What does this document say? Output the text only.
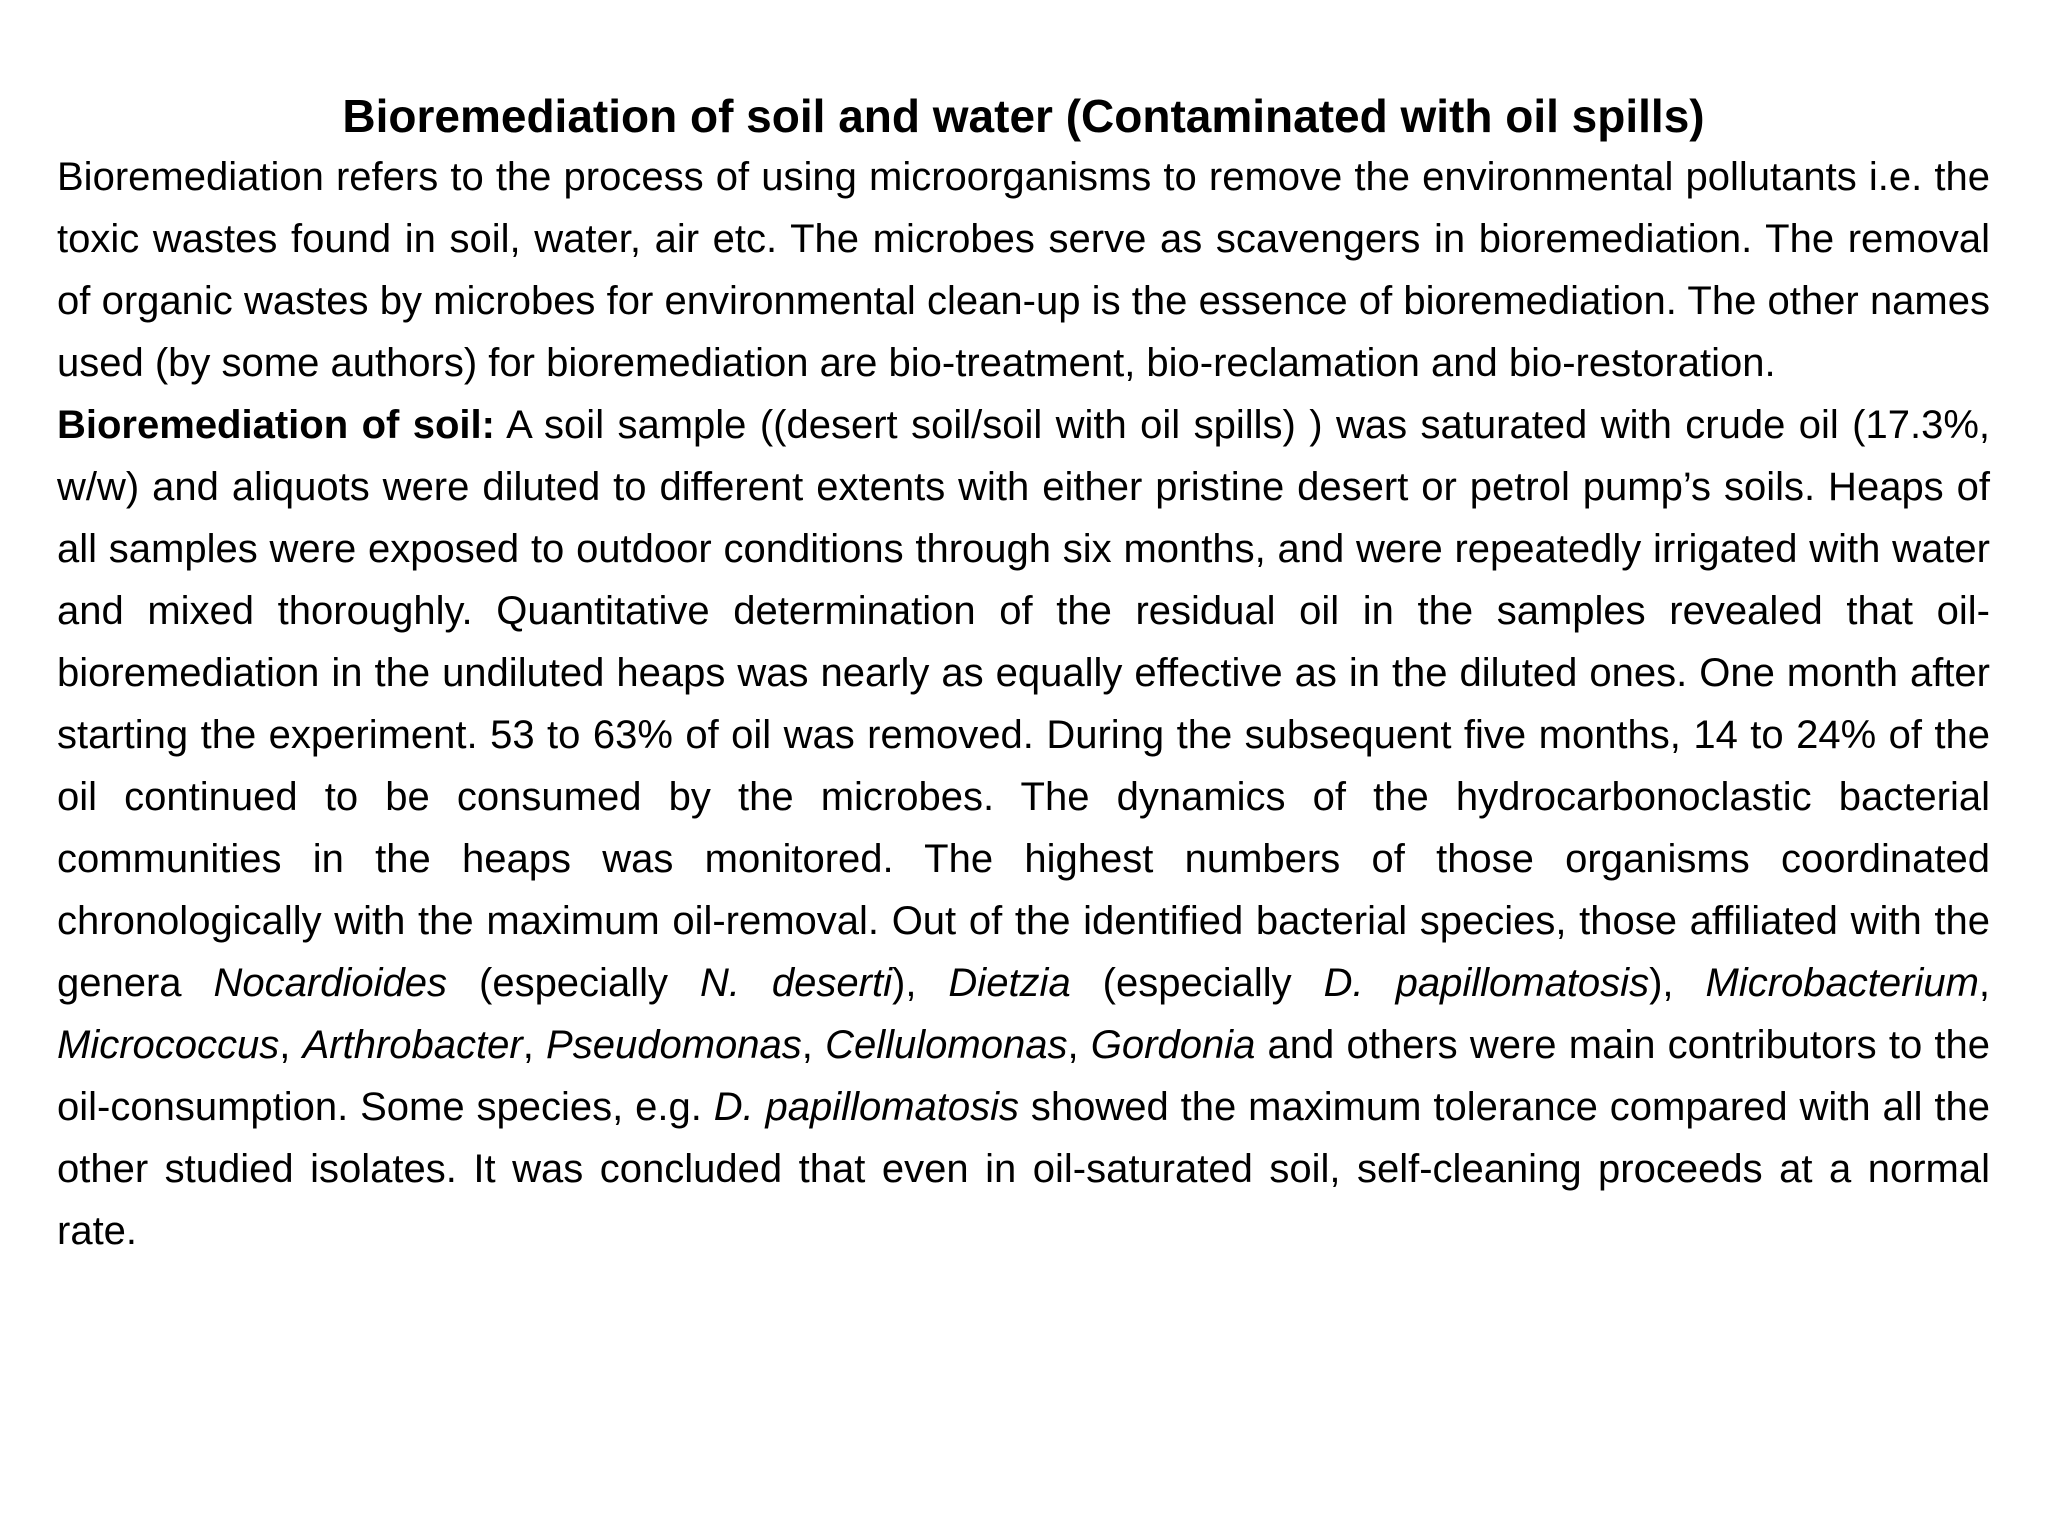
Bioremediation of soil and water (Contaminated with oil spills)

Bioremediation refers to the process of using microorganisms to remove the environmental pollutants i.e. the toxic wastes found in soil, water, air etc. The microbes serve as scavengers in bioremediation. The removal of organic wastes by microbes for environmental clean-up is the essence of bioremediation. The other names used (by some authors) for bioremediation are bio-treatment, bio-reclamation and bio-restoration.

Bioremediation of soil: A soil sample ((desert soil/soil with oil spills) ) was saturated with crude oil (17.3%, w/w) and aliquots were diluted to different extents with either pristine desert or petrol pump’s soils. Heaps of all samples were exposed to outdoor conditions through six months, and were repeatedly irrigated with water and mixed thoroughly. Quantitative determination of the residual oil in the samples revealed that oil-bioremediation in the undiluted heaps was nearly as equally effective as in the diluted ones. One month after starting the experiment. 53 to 63% of oil was removed. During the subsequent five months, 14 to 24% of the oil continued to be consumed by the microbes. The dynamics of the hydrocarbonoclastic bacterial communities in the heaps was monitored. The highest numbers of those organisms coordinated chronologically with the maximum oil-removal. Out of the identified bacterial species, those affiliated with the genera Nocardioides (especially N. deserti), Dietzia (especially D. papillomatosis), Microbacterium, Micrococcus, Arthrobacter, Pseudomonas, Cellulomonas, Gordonia and others were main contributors to the oil-consumption. Some species, e.g. D. papillomatosis showed the maximum tolerance compared with all the other studied isolates. It was concluded that even in oil-saturated soil, self-cleaning proceeds at a normal rate.
